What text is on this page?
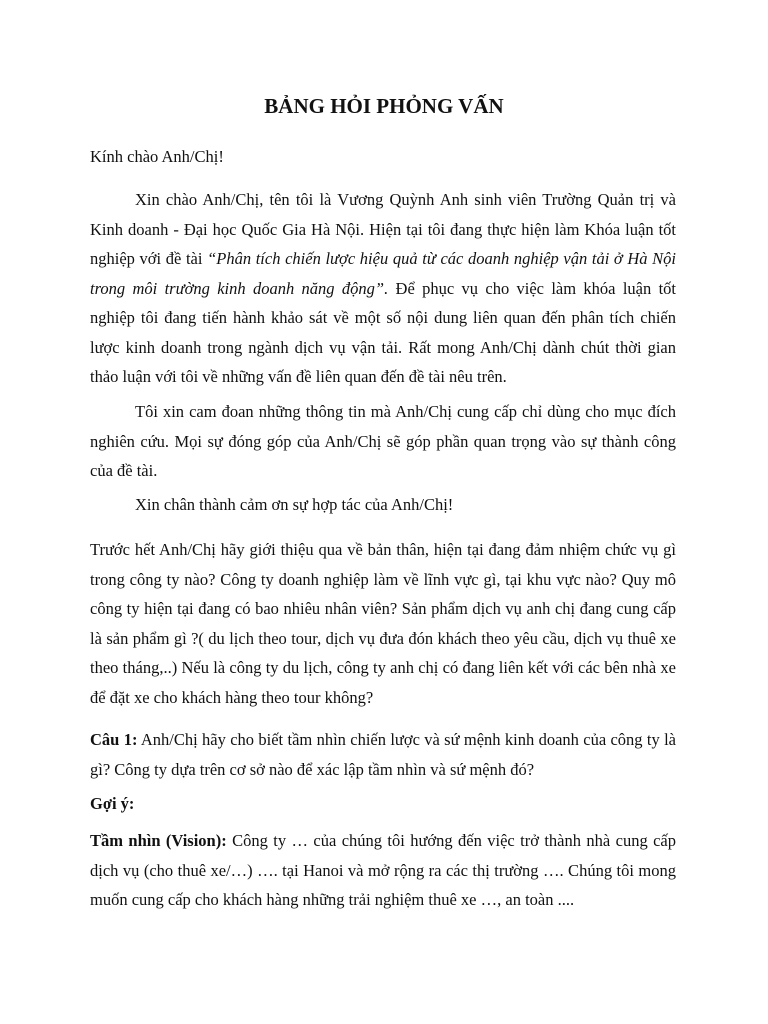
BẢNG HỎI PHỎNG VẤN

Kính chào Anh/Chị!

Xin chào Anh/Chị, tên tôi là Vương Quỳnh Anh sinh viên Trường Quản trị và Kinh doanh - Đại học Quốc Gia Hà Nội. Hiện tại tôi đang thực hiện làm Khóa luận tốt nghiệp với đề tài “Phân tích chiến lược hiệu quả từ các doanh nghiệp vận tải ở Hà Nội trong môi trường kinh doanh năng động”. Để phục vụ cho việc làm khóa luận tốt nghiệp tôi đang tiến hành khảo sát về một số nội dung liên quan đến phân tích chiến lược kinh doanh trong ngành dịch vụ vận tải. Rất mong Anh/Chị dành chút thời gian thảo luận với tôi về những vấn đề liên quan đến đề tài nêu trên.

Tôi xin cam đoan những thông tin mà Anh/Chị cung cấp chỉ dùng cho mục đích nghiên cứu. Mọi sự đóng góp của Anh/Chị sẽ góp phần quan trọng vào sự thành công của đề tài.

Xin chân thành cảm ơn sự hợp tác của Anh/Chị!

Trước hết Anh/Chị hãy giới thiệu qua về bản thân, hiện tại đang đảm nhiệm chức vụ gì trong công ty nào? Công ty doanh nghiệp làm về lĩnh vực gì, tại khu vực nào? Quy mô công ty hiện tại đang có bao nhiêu nhân viên? Sản phẩm dịch vụ anh chị đang cung cấp là sản phẩm gì ?( du lịch theo tour, dịch vụ đưa đón khách theo yêu cầu, dịch vụ thuê xe theo tháng,..) Nếu là công ty du lịch, công ty anh chị có đang liên kết với các bên nhà xe để đặt xe cho khách hàng theo tour không?

Câu 1: Anh/Chị hãy cho biết tầm nhìn chiến lược và sứ mệnh kinh doanh của công ty là gì? Công ty dựa trên cơ sở nào để xác lập tầm nhìn và sứ mệnh đó?

Gợi ý:

Tầm nhìn (Vision): Công ty … của chúng tôi hướng đến việc trở thành nhà cung cấp dịch vụ (cho thuê xe/…) …. tại Hanoi và mở rộng ra các thị trường …. Chúng tôi mong muốn cung cấp cho khách hàng những trải nghiệm thuê xe …, an toàn ....
